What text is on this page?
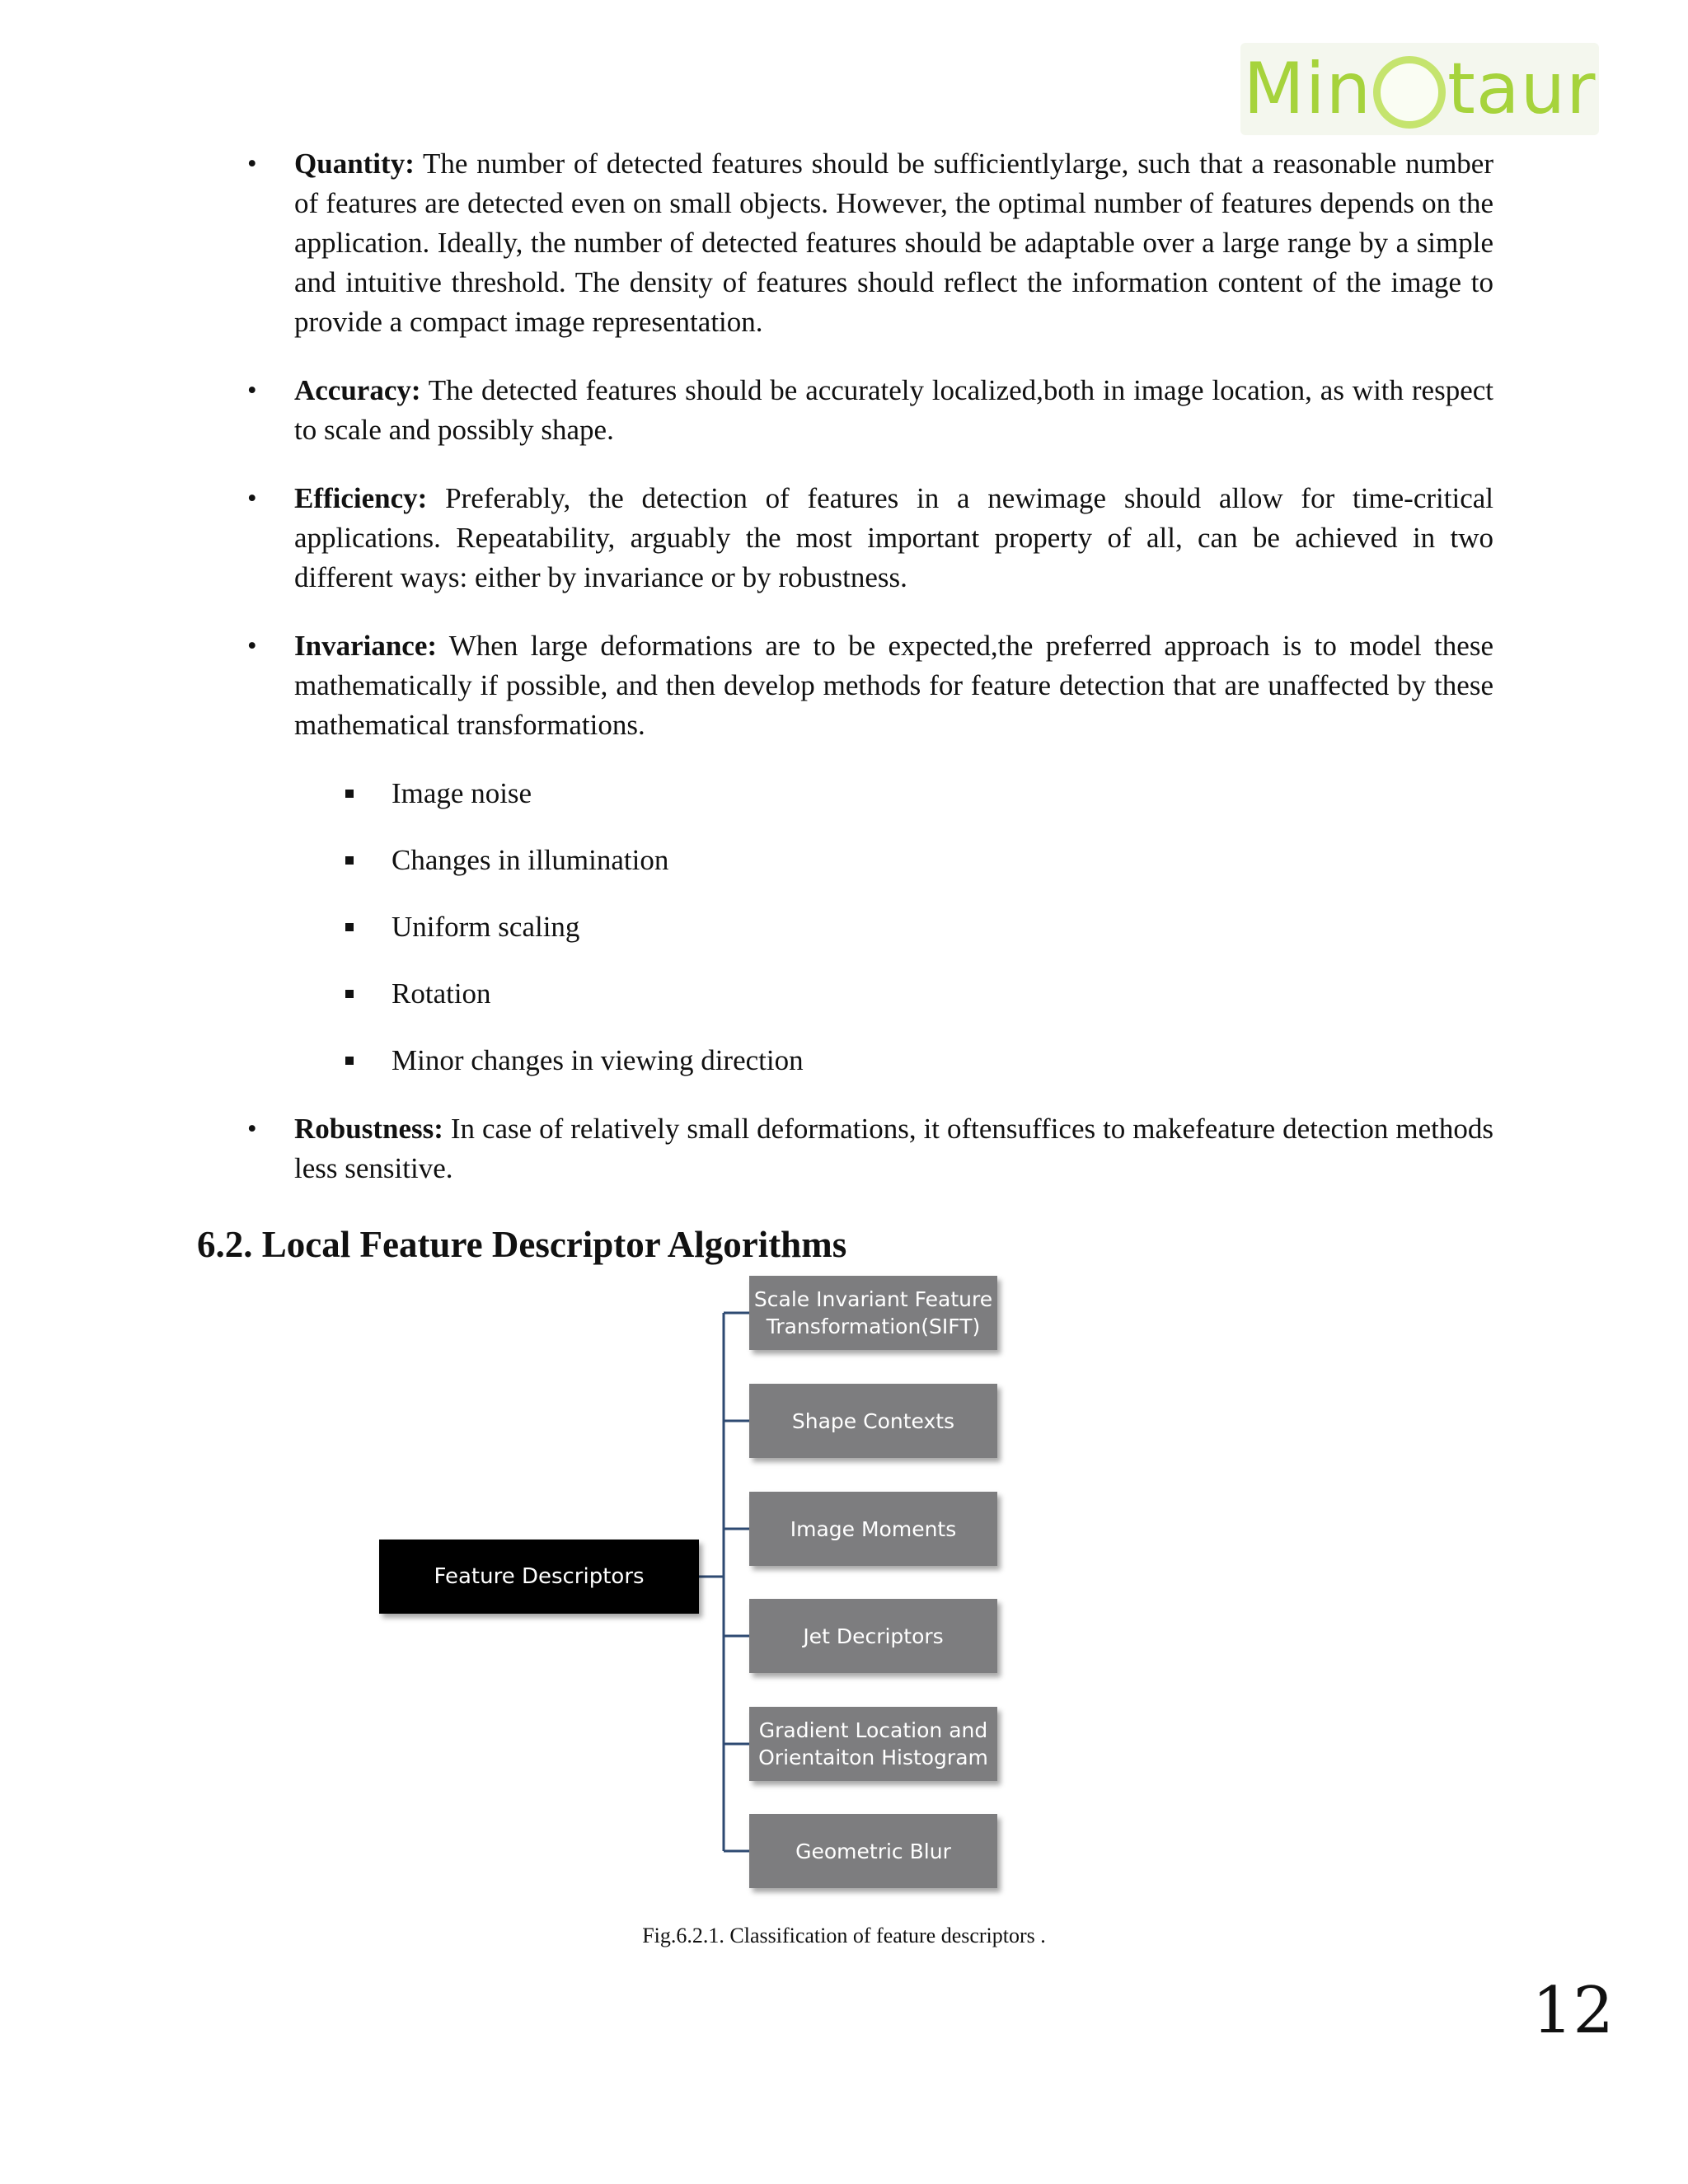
Min taur
• Quantity: The number of detected features should be sufficientlylarge, such that a reasonable number of features are detected even on small objects. However, the optimal number of features depends on the application. Ideally, the number of detected features should be adaptable over a large range by a simple and intuitive threshold. The density of features should reflect the information content of the image to provide a compact image representation.
• Accuracy: The detected features should be accurately localized,both in image location, as with respect to scale and possibly shape.
• Efficiency: Preferably, the detection of features in a newimage should allow for time-critical applications. Repeatability, arguably the most important property of all, can be achieved in two different ways: either by invariance or by robustness.
• Invariance: When large deformations are to be expected,the preferred approach is to model these mathematically if possible, and then develop methods for feature detection that are unaffected by these mathematical transformations.
Image noise
Changes in illumination
Uniform scaling
Rotation
Minor changes in viewing direction
• Robustness: In case of relatively small deformations, it oftensuffices to makefeature detection methods less sensitive.
6.2. Local Feature Descriptor Algorithms
Feature Descriptors
Scale Invariant Feature
Transformation(SIFT)
Shape Contexts
Image Moments
Jet Decriptors
Gradient Location and
Orientaiton Histogram
Geometric Blur
Fig.6.2.1. Classification of feature descriptors .
12
